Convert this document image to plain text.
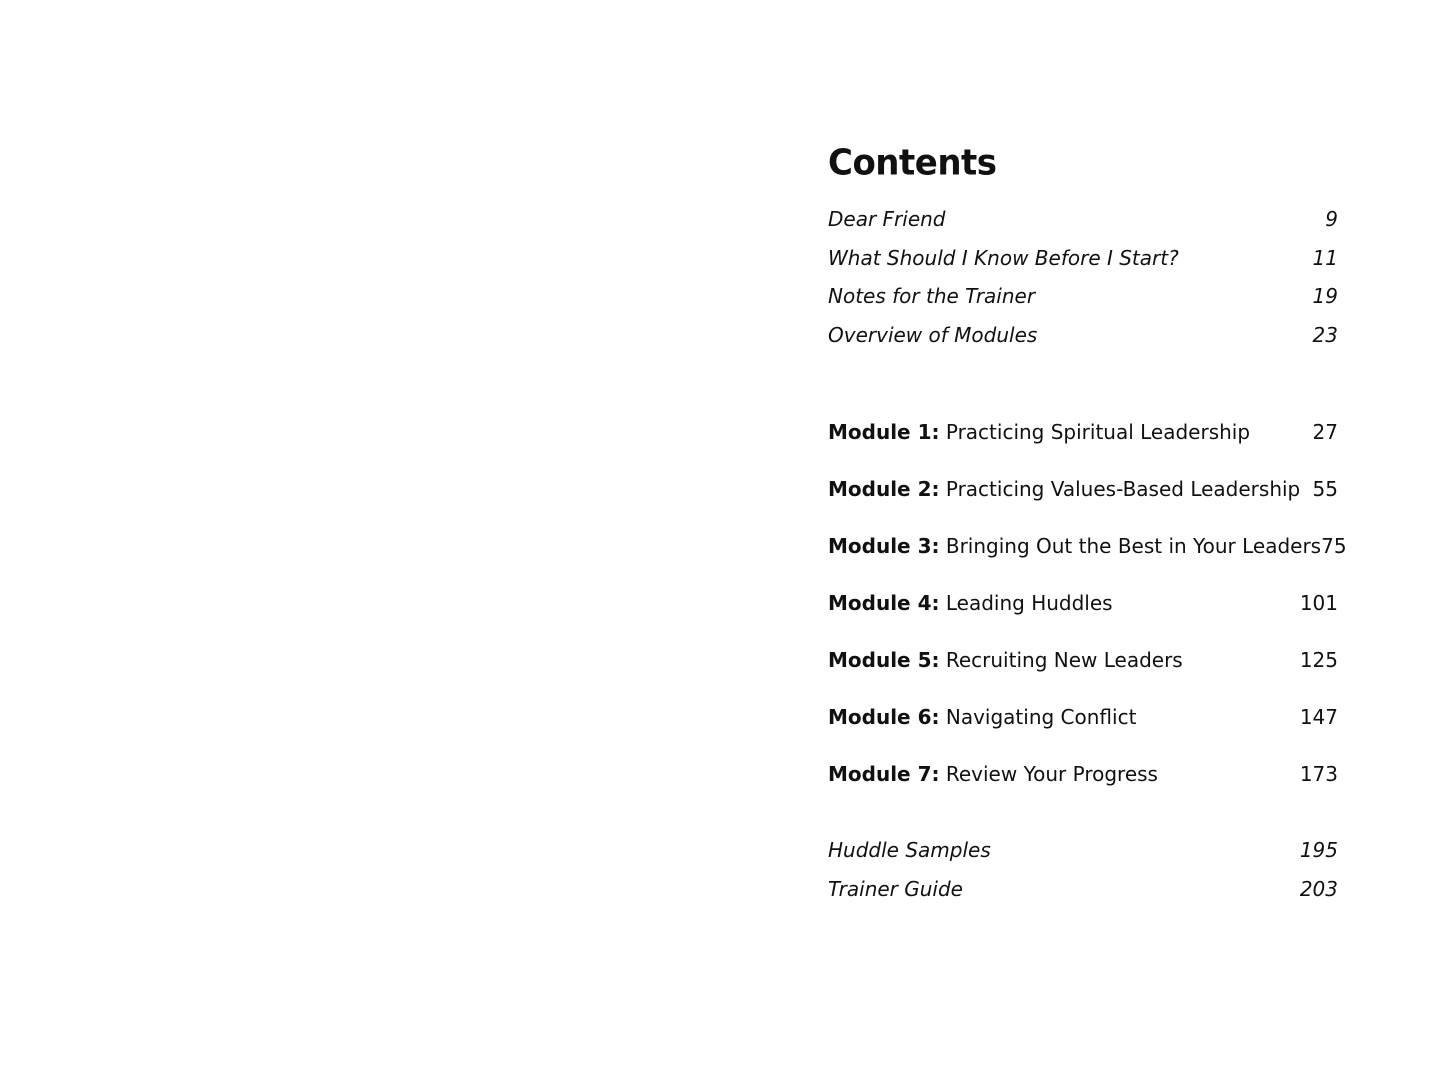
Contents
Dear Friend	9
What Should I Know Before I Start?	11
Notes for the Trainer	19
Overview of Modules	23
Module 1: Practicing Spiritual Leadership	27
Module 2: Practicing Values-Based Leadership 55
Module 3: Bringing Out the Best in Your Leaders 75
Module 4: Leading Huddles	101
Module 5: Recruiting New Leaders	125
Module 6: Navigating Conflict	147
Module 7: Review Your Progress	173
Huddle Samples	195
Trainer Guide	203
